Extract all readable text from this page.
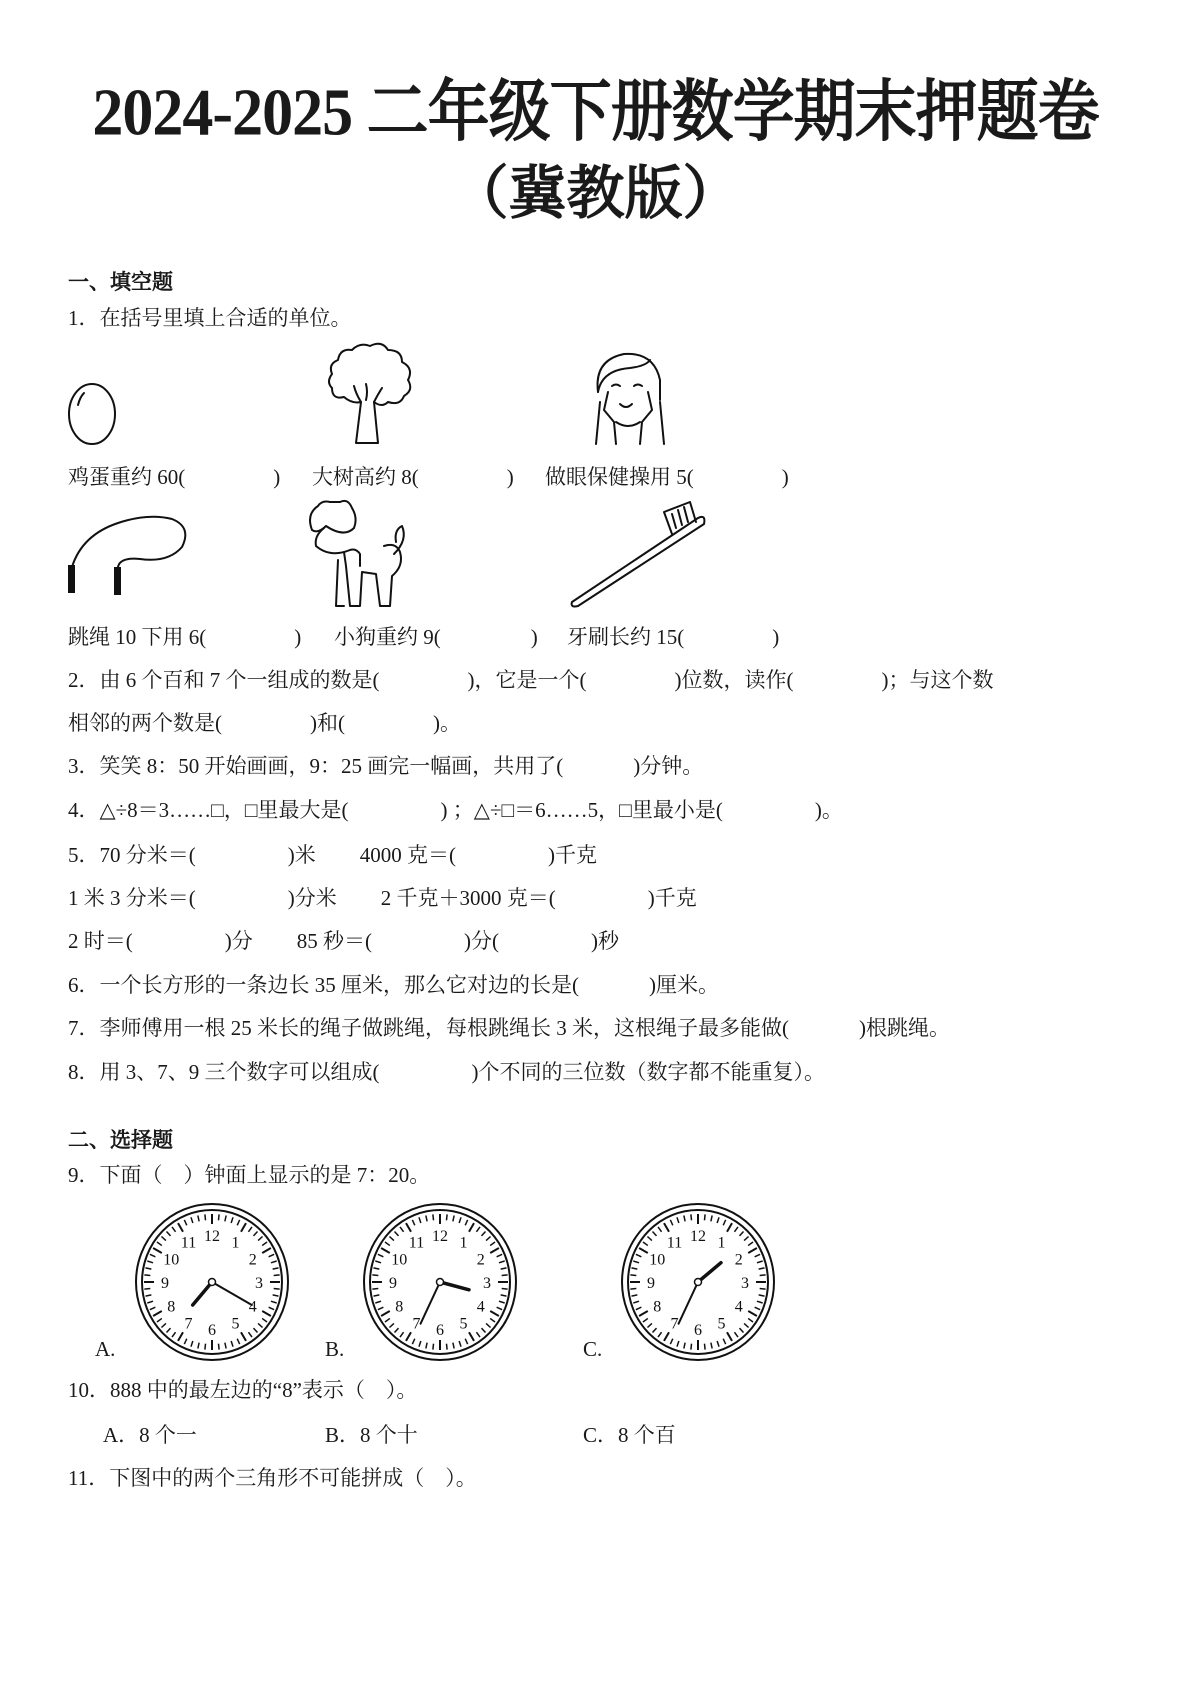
2024-2025 二年级下册数学期末押题卷
（冀教版）
一、填空题
1．在括号里填上合适的单位。
鸡蛋重约 60(	) 大树高约 8(	) 做眼保健操用 5(	)
跳绳 10 下用 6(	) 小狗重约 9(	) 牙刷长约 15(	)
2．由 6 个百和 7 个一组成的数是(	)，它是一个(	)位数，读作(	)；与这个数
相邻的两个数是(	)和(	)。
3．笑笑 8：50 开始画画，9：25 画完一幅画，共用了(	)分钟。
4．△÷8＝3……□，□里最大是(	) ；△÷□＝6……5，□里最小是(	)。
5．70 分米＝(	)米 4000 克＝(	)千克
1 米 3 分米＝(	)分米 2 千克＋3000 克＝(	)千克
2 时＝(	)分 85 秒＝(	)分(	)秒
6．一个长方形的一条边长 35 厘米，那么它对边的长是(	)厘米。
7．李师傅用一根 25 米长的绳子做跳绳，每根跳绳长 3 米，这根绳子最多能做(	)根跳绳。
8．用 3、7、9 三个数字可以组成(	)个不同的三位数（数字都不能重复）。
二、选择题
9．下面（　）钟面上显示的是 7：20。
12 1
2
3
4
5
6
7
8
9
10
11	12 1
2
3
4
5
6
7
8
9
10
11	12 1
2
3
4
5
6
7
8
9
10
11
A.	B.	C.
10．888 中的最左边的“8”表示（　）。
A．8 个一	B．8 个十	C．8 个百
11．下图中的两个三角形不可能拼成（　）。
